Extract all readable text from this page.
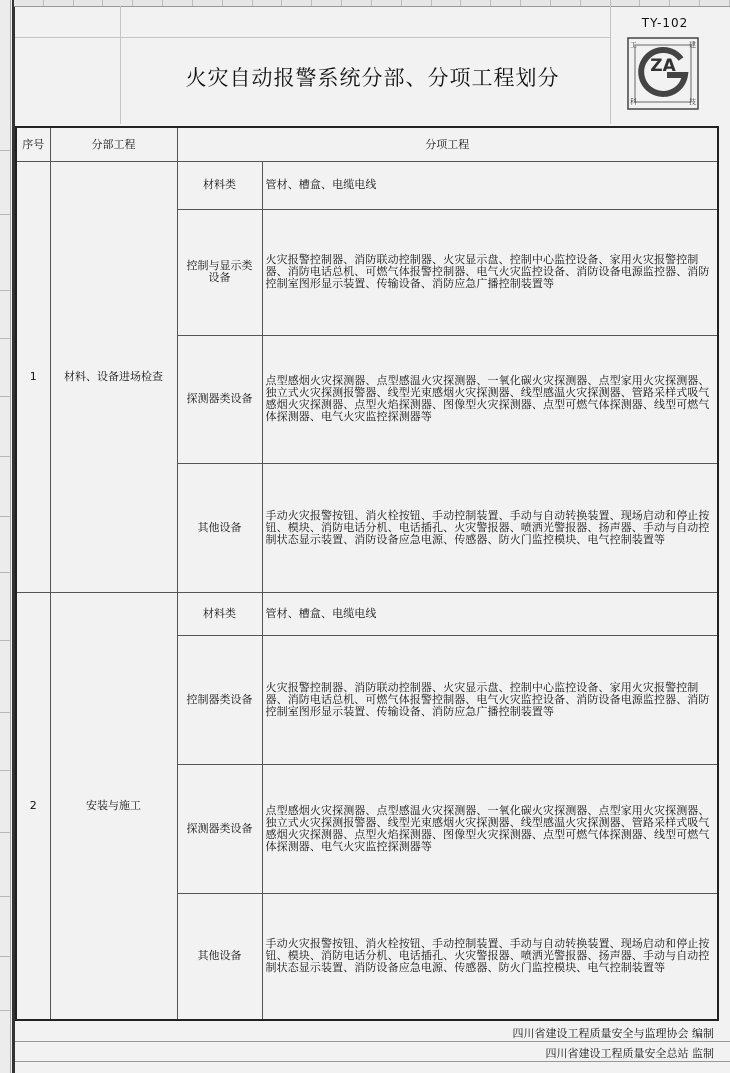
TY-102
火灾自动报警系统分部、分项工程划分	ZA
工	建
科	技
序号	分部工程	分项工程	
1	材料、设备进场检查	材料类	管材、槽盒、电缆电线
		控制与显示类设备	火灾报警控制器、消防联动控制器、火灾显示盘、控制中心监控设备、家用火灾报警控制器、消防电话总机、可燃气体报警控制器、电气火灾监控设备、消防设备电源监控器、消防控制室图形显示装置、传输设备、消防应急广播控制装置等
		探测器类设备	点型感烟火灾探测器、点型感温火灾探测器、一氧化碳火灾探测器、点型家用火灾探测器、独立式火灾探测报警器、线型光束感烟火灾探测器、线型感温火灾探测器、管路采样式吸气感烟火灾探测器、点型火焰探测器、图像型火灾探测器、点型可燃气体探测器、线型可燃气体探测器、电气火灾监控探测器等
		其他设备	手动火灾报警按钮、消火栓按钮、手动控制装置、手动与自动转换装置、现场启动和停止按钮、模块、消防电话分机、电话插孔、火灾警报器、喷洒光警报器、扬声器、手动与自动控制状态显示装置、消防设备应急电源、传感器、防火门监控模块、电气控制装置等
2	安装与施工	材料类	管材、槽盒、电缆电线
		控制器类设备	火灾报警控制器、消防联动控制器、火灾显示盘、控制中心监控设备、家用火灾报警控制器、消防电话总机、可燃气体报警控制器、电气火灾监控设备、消防设备电源监控器、消防控制室图形显示装置、传输设备、消防应急广播控制装置等
		探测器类设备	点型感烟火灾探测器、点型感温火灾探测器、一氧化碳火灾探测器、点型家用火灾探测器、独立式火灾探测报警器、线型光束感烟火灾探测器、线型感温火灾探测器、管路采样式吸气感烟火灾探测器、点型火焰探测器、图像型火灾探测器、点型可燃气体探测器、线型可燃气体探测器、电气火灾监控探测器等
		其他设备	手动火灾报警按钮、消火栓按钮、手动控制装置、手动与自动转换装置、现场启动和停止按钮、模块、消防电话分机、电话插孔、火灾警报器、喷洒光警报器、扬声器、手动与自动控制状态显示装置、消防设备应急电源、传感器、防火门监控模块、电气控制装置等
四川省建设工程质量安全与监理协会 编制
四川省建设工程质量安全总站 监制
